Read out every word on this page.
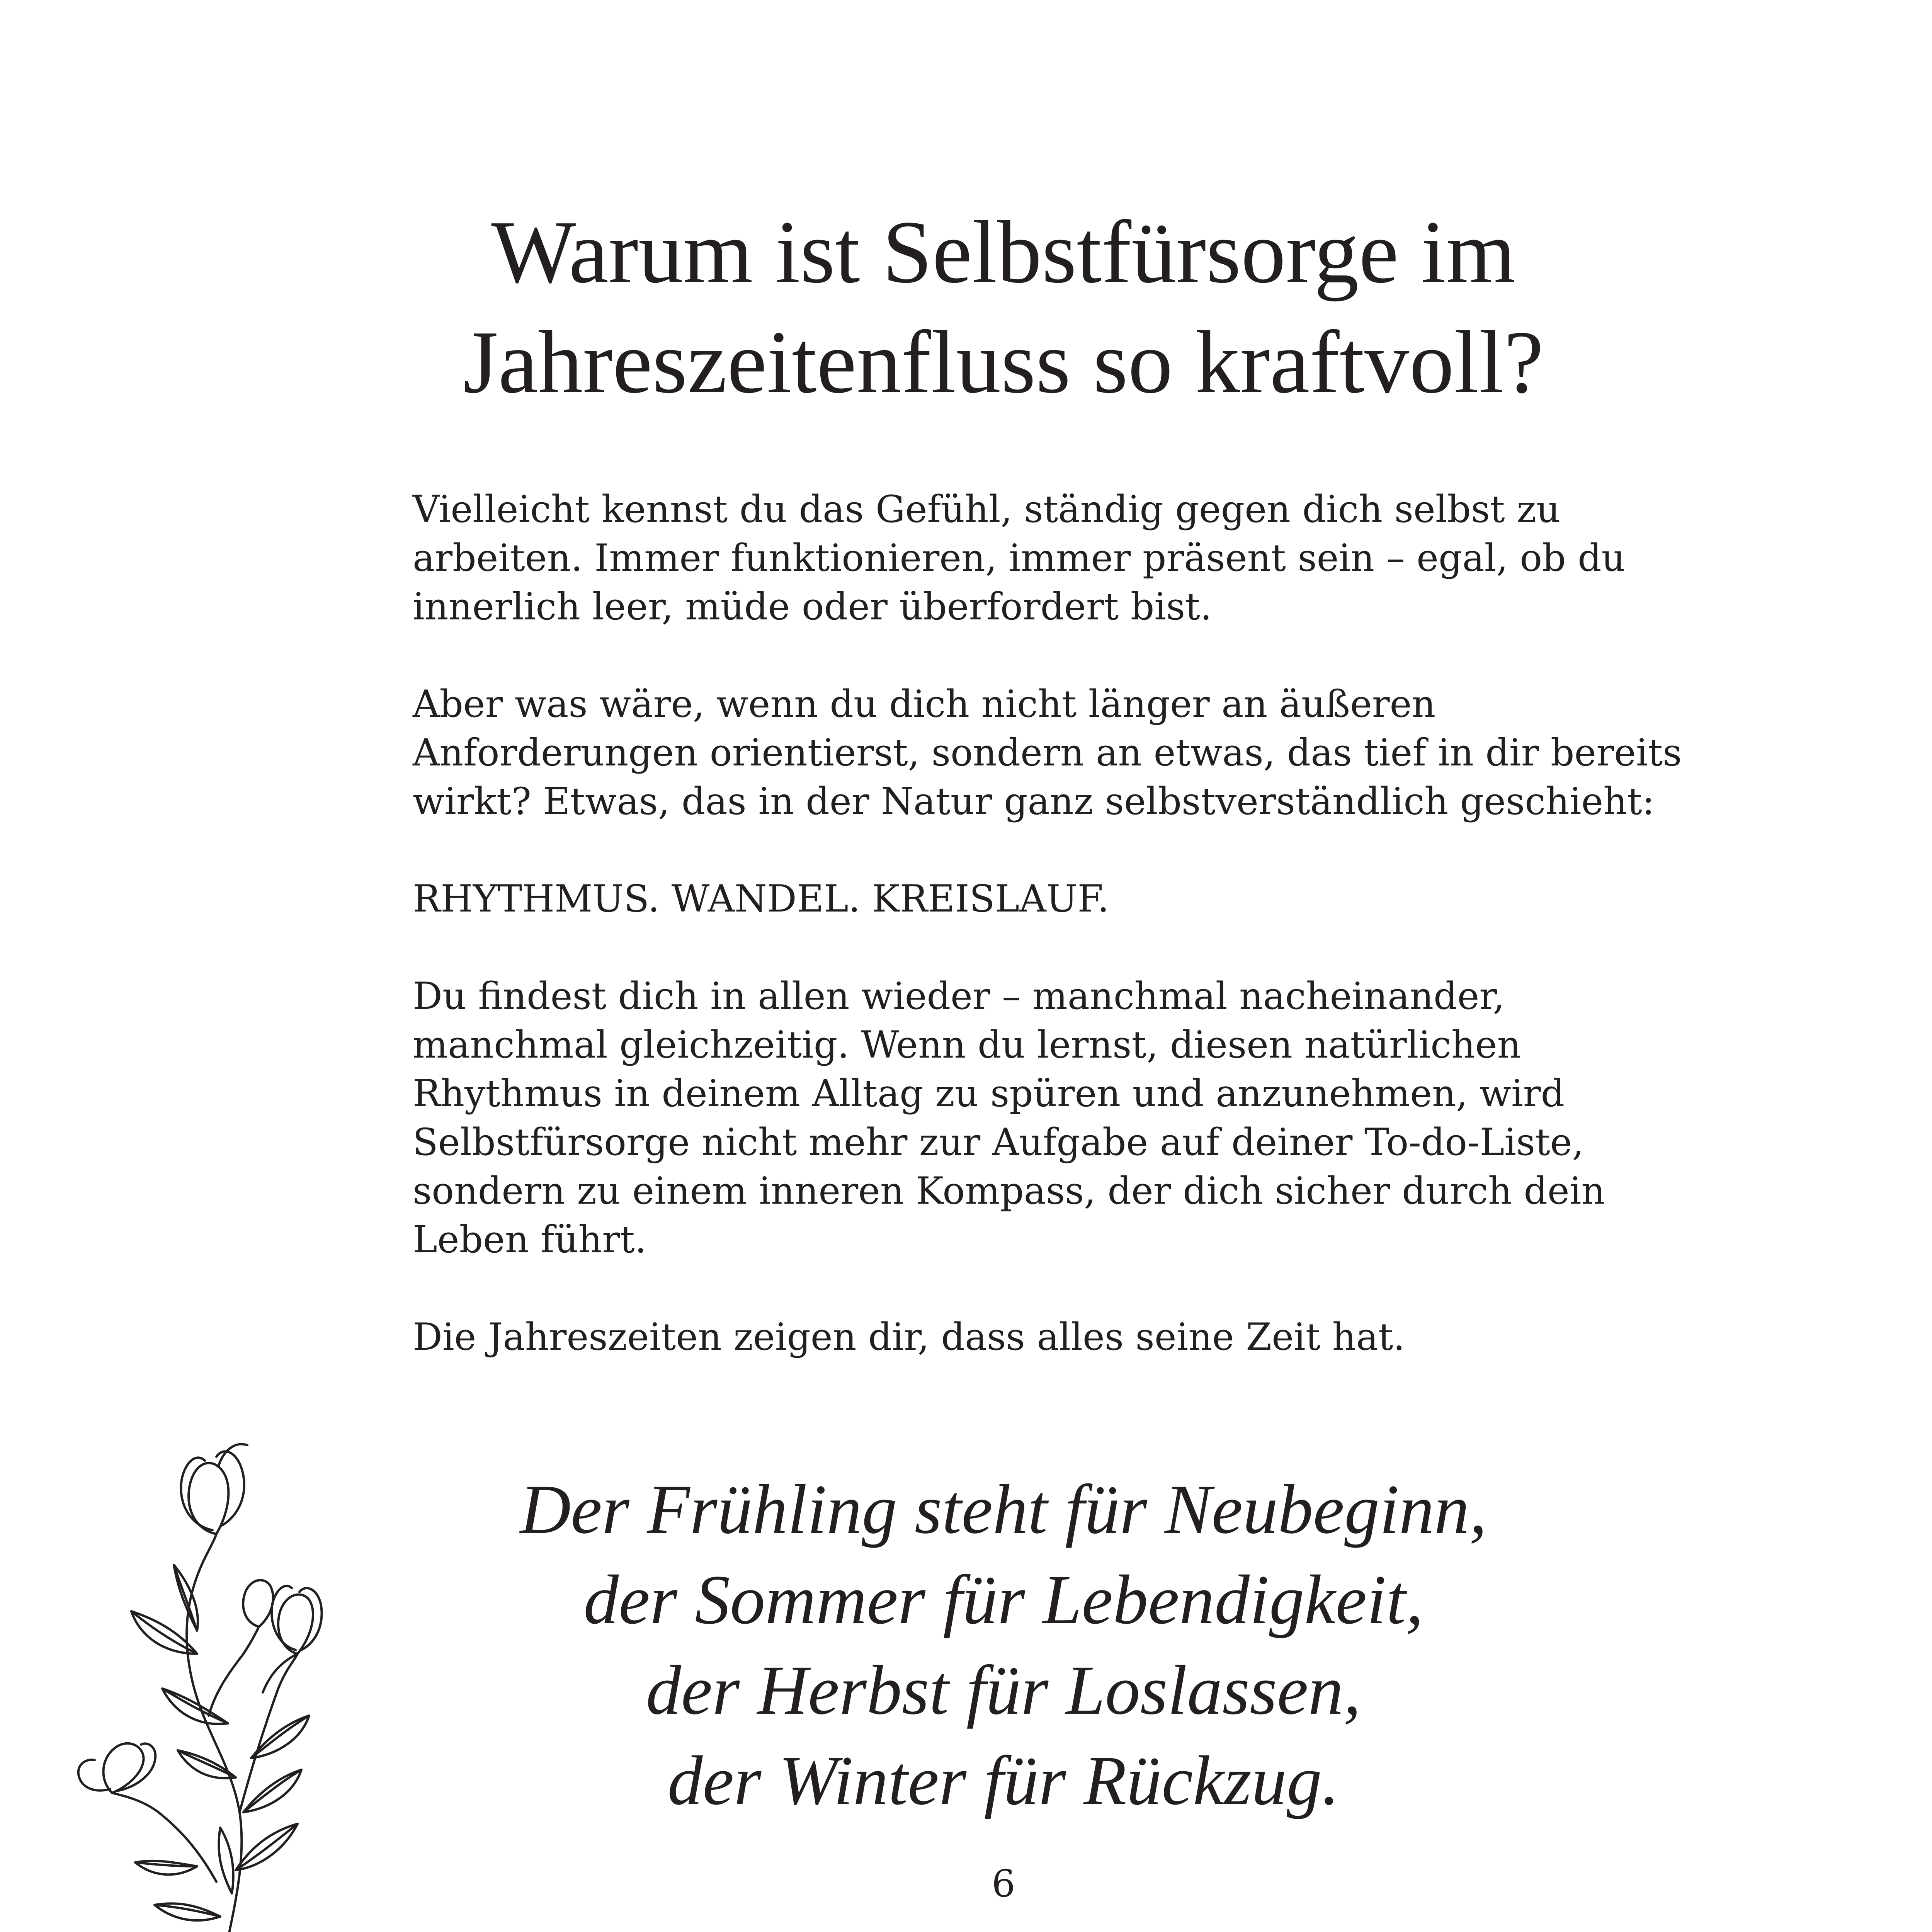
Warum ist Selbstfürsorge im
Jahreszeitenfluss so kraftvoll?

Vielleicht kennst du das Gefühl, ständig gegen dich selbst zu
arbeiten. Immer funktionieren, immer präsent sein – egal, ob du
innerlich leer, müde oder überfordert bist.

Aber was wäre, wenn du dich nicht länger an äußeren
Anforderungen orientierst, sondern an etwas, das tief in dir bereits
wirkt? Etwas, das in der Natur ganz selbstverständlich geschieht:

RHYTHMUS. WANDEL. KREISLAUF.

Du findest dich in allen wieder – manchmal nacheinander,
manchmal gleichzeitig. Wenn du lernst, diesen natürlichen
Rhythmus in deinem Alltag zu spüren und anzunehmen, wird
Selbstfürsorge nicht mehr zur Aufgabe auf deiner To-do-Liste,
sondern zu einem inneren Kompass, der dich sicher durch dein
Leben führt.

Die Jahreszeiten zeigen dir, dass alles seine Zeit hat.

Der Frühling steht für Neubeginn,
der Sommer für Lebendigkeit,
der Herbst für Loslassen,
der Winter für Rückzug.
6
